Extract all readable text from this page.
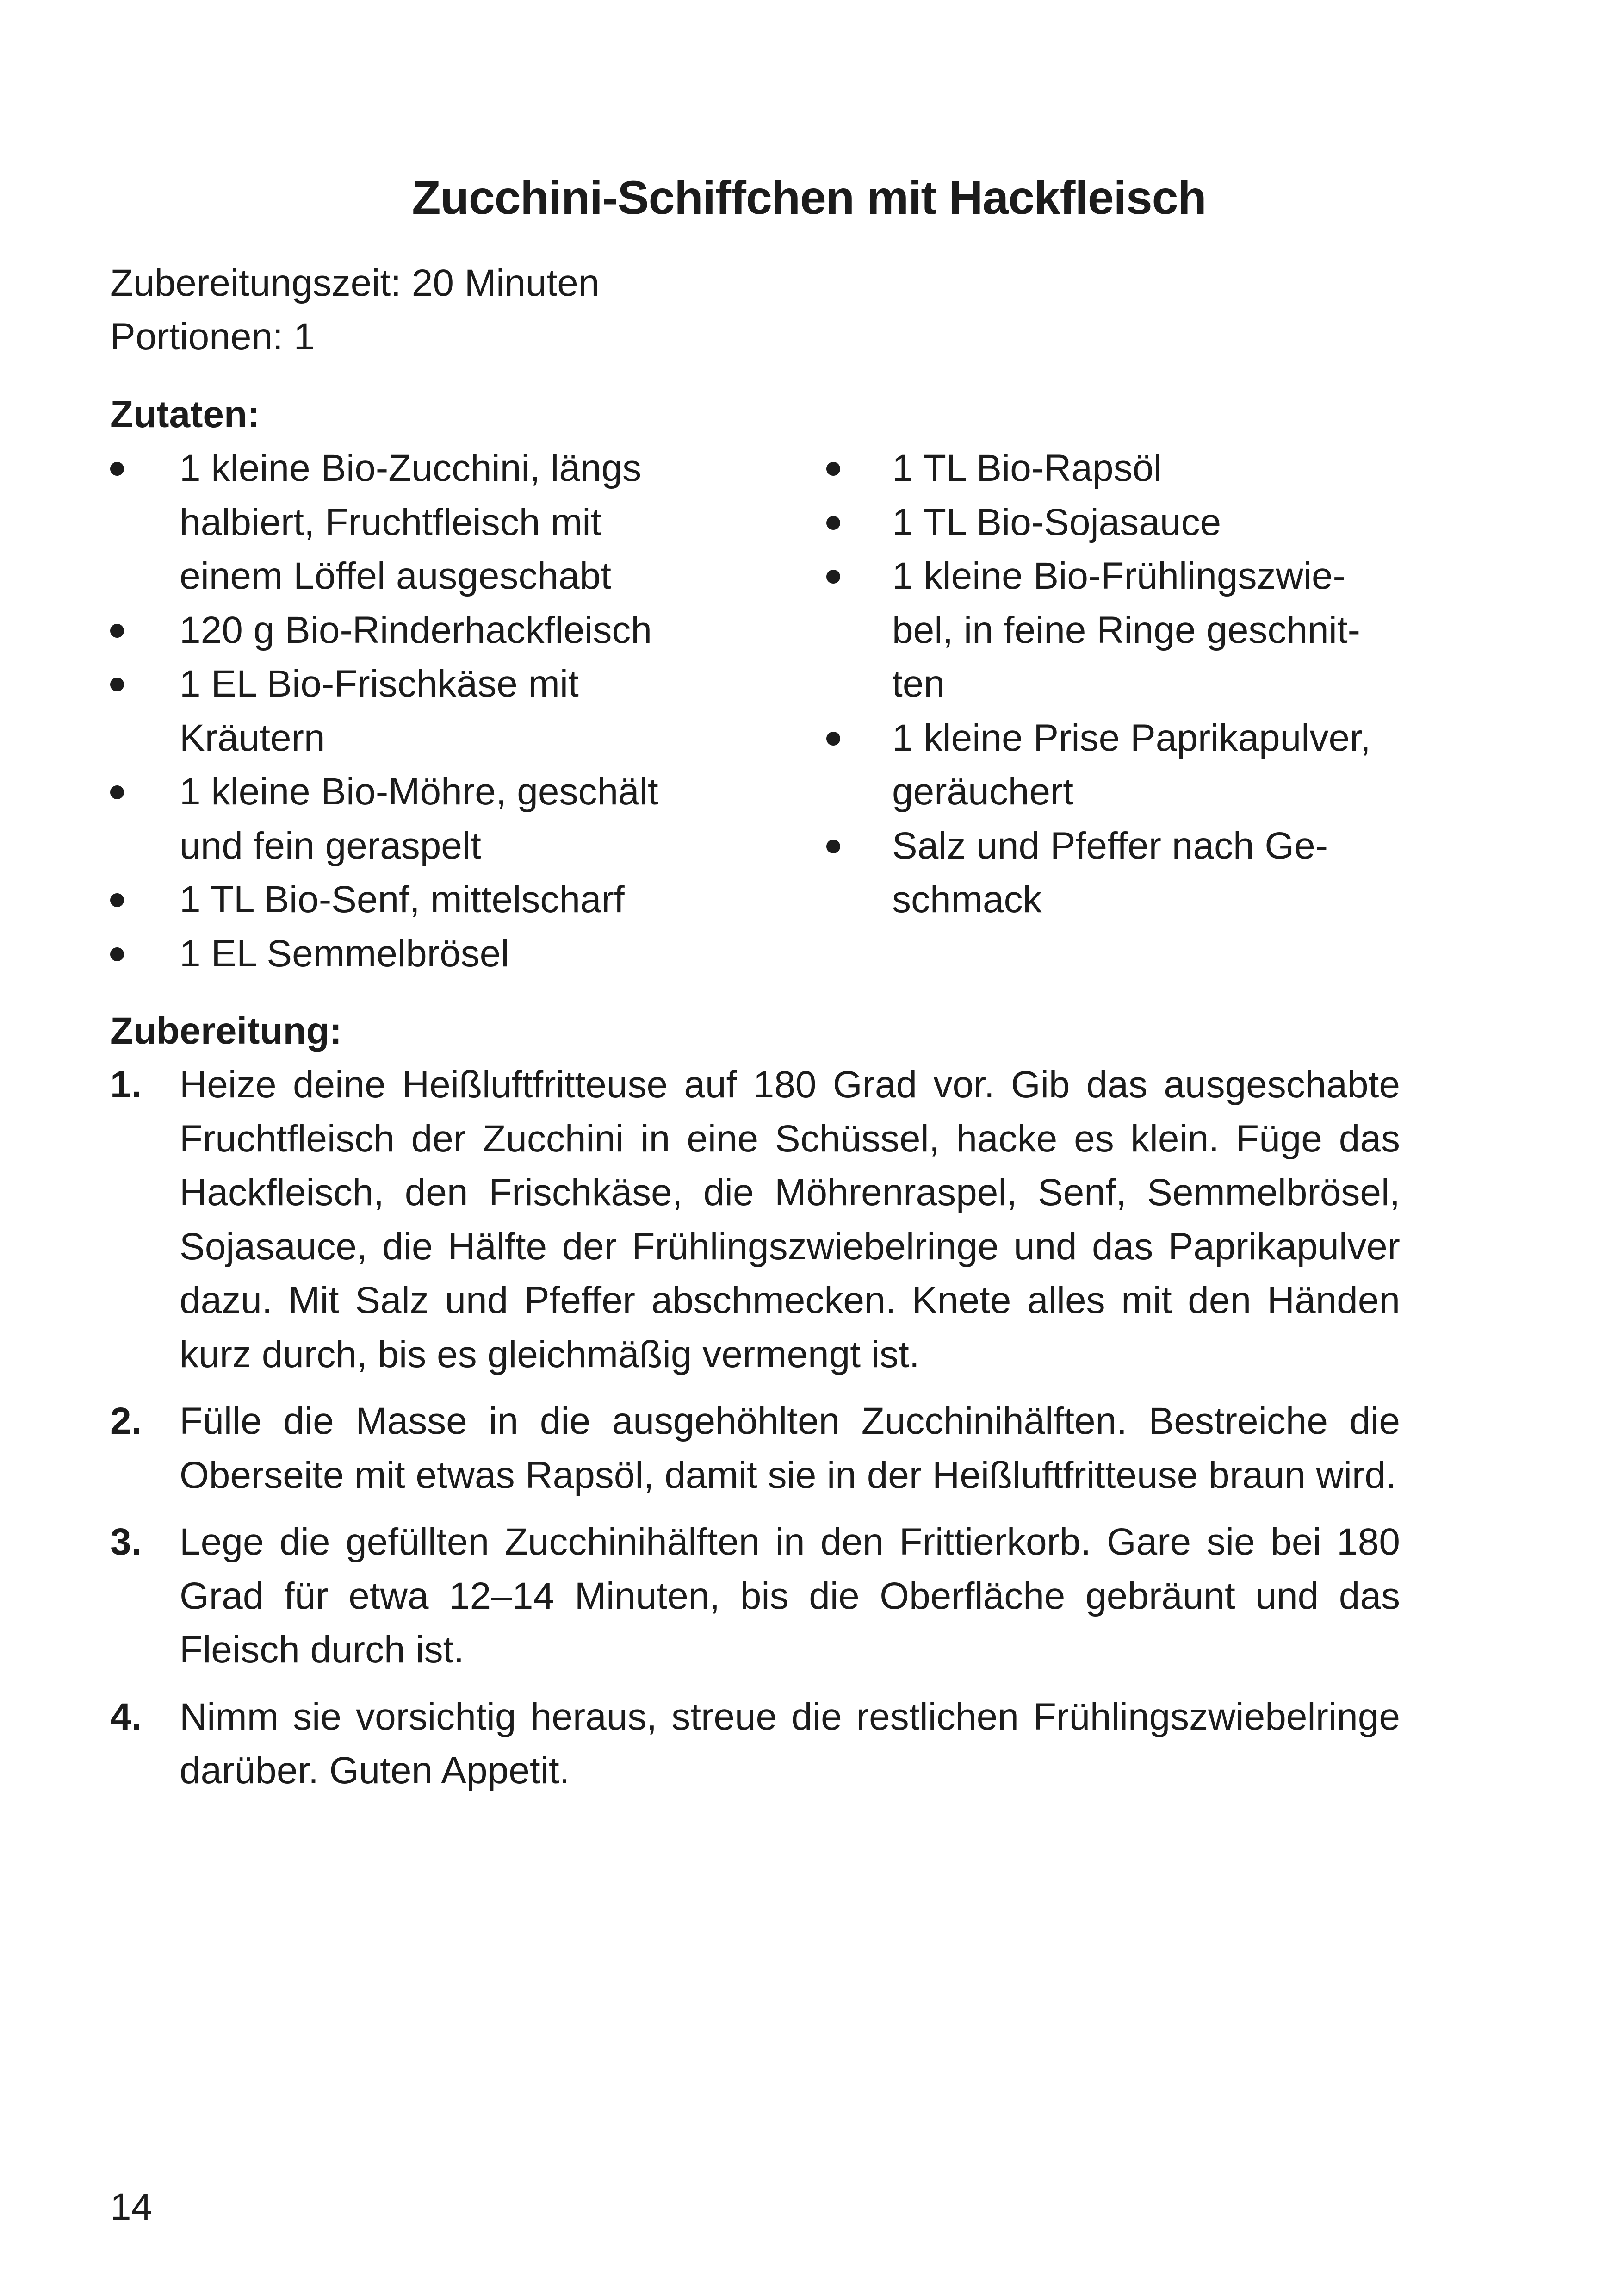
Zucchini-Schiffchen mit Hackfleisch

Zubereitungszeit: 20 Minuten

Portionen: 1

Zutaten:
1 kleine Bio-Zucchini, längs
halbiert, Fruchtfleisch mit
einem Löffel ausgeschabt
120 g Bio-Rinderhackfleisch
1 EL Bio-Frischkäse mit
Kräutern
1 kleine Bio-Möhre, geschält
und fein geraspelt
1 TL Bio-Senf, mittelscharf
1 EL Semmelbrösel
1 TL Bio-Rapsöl
1 TL Bio-Sojasauce
1 kleine Bio-Frühlingszwie-
bel, in feine Ringe geschnit-
ten
1 kleine Prise Paprikapulver,
geräuchert
Salz und Pfeffer nach Ge-
schmack
Zubereitung:
1. Heize deine Heißluftfritteuse auf 180 Grad vor. Gib das ausgeschabte Fruchtfleisch der Zucchini in eine Schüssel, hacke es klein. Füge das Hackfleisch, den Frischkäse, die Möhrenraspel, Senf, Semmelbrösel, Sojasauce, die Hälfte der Frühlingszwiebelringe und das Paprikapulver dazu. Mit Salz und Pfeffer abschmecken. Knete alles mit den Händen kurz durch, bis es gleichmäßig vermengt ist.
2. Fülle die Masse in die ausgehöhlten Zucchinihälften. Bestreiche die Oberseite mit etwas Rapsöl, damit sie in der Heißluftfritteuse braun wird.
3. Lege die gefüllten Zucchinihälften in den Frittierkorb. Gare sie bei 180 Grad für etwa 12–14 Minuten, bis die Oberfläche gebräunt und das Fleisch durch ist.
4. Nimm sie vorsichtig heraus, streue die restlichen Frühlingszwiebelringe darüber. Guten Appetit.

14
